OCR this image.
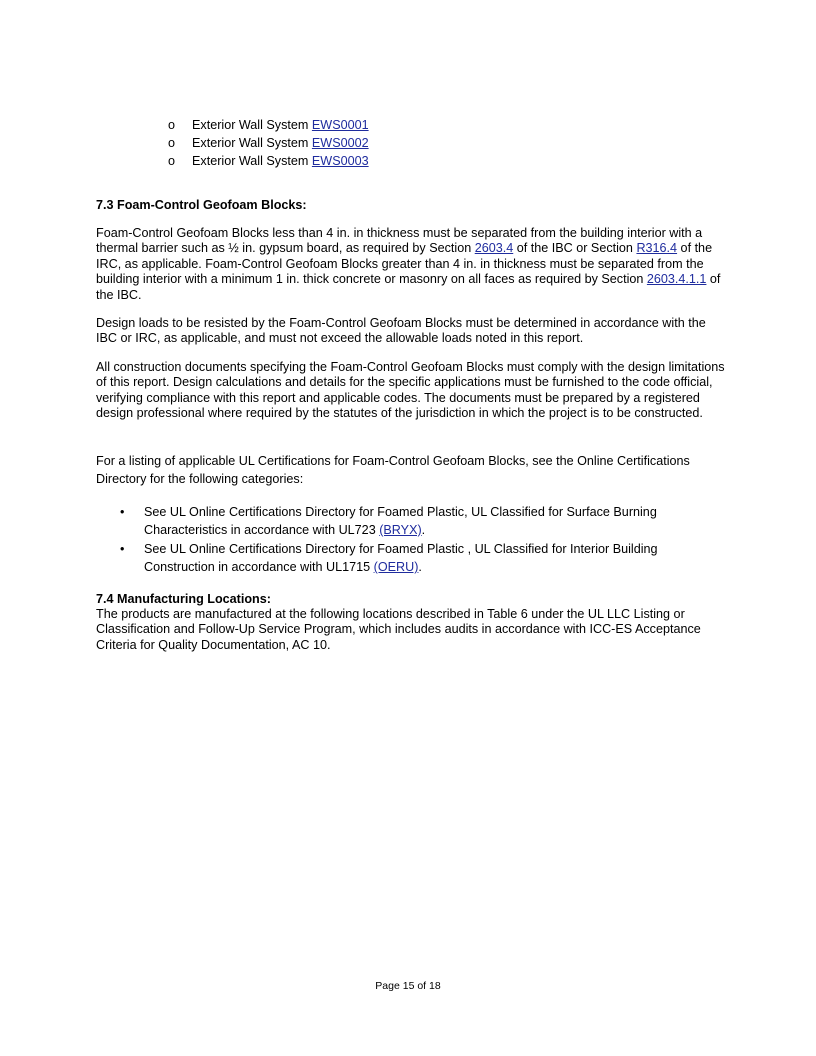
o Exterior Wall System EWS0001
o Exterior Wall System EWS0002
o Exterior Wall System EWS0003
7.3 Foam-Control Geofoam Blocks:
Foam-Control Geofoam Blocks less than 4 in. in thickness must be separated from the building interior with a thermal barrier such as ½ in. gypsum board, as required by Section 2603.4 of the IBC or Section R316.4 of the IRC, as applicable. Foam-Control Geofoam Blocks greater than 4 in. in thickness must be separated from the building interior with a minimum 1 in. thick concrete or masonry on all faces as required by Section 2603.4.1.1 of the IBC.
Design loads to be resisted by the Foam-Control Geofoam Blocks must be determined in accordance with the IBC or IRC, as applicable, and must not exceed the allowable loads noted in this report.
All construction documents specifying the Foam-Control Geofoam Blocks must comply with the design limitations of this report. Design calculations and details for the specific applications must be furnished to the code official, verifying compliance with this report and applicable codes. The documents must be prepared by a registered design professional where required by the statutes of the jurisdiction in which the project is to be constructed.
For a listing of applicable UL Certifications for Foam-Control Geofoam Blocks, see the Online Certifications Directory for the following categories:
• See UL Online Certifications Directory for Foamed Plastic, UL Classified for Surface Burning Characteristics in accordance with UL723 (BRYX).
• See UL Online Certifications Directory for Foamed Plastic , UL Classified for Interior Building Construction in accordance with UL1715 (OERU).
7.4 Manufacturing Locations:
The products are manufactured at the following locations described in Table 6 under the UL LLC Listing or Classification and Follow-Up Service Program, which includes audits in accordance with ICC-ES Acceptance Criteria for Quality Documentation, AC 10.
Page 15 of 18
